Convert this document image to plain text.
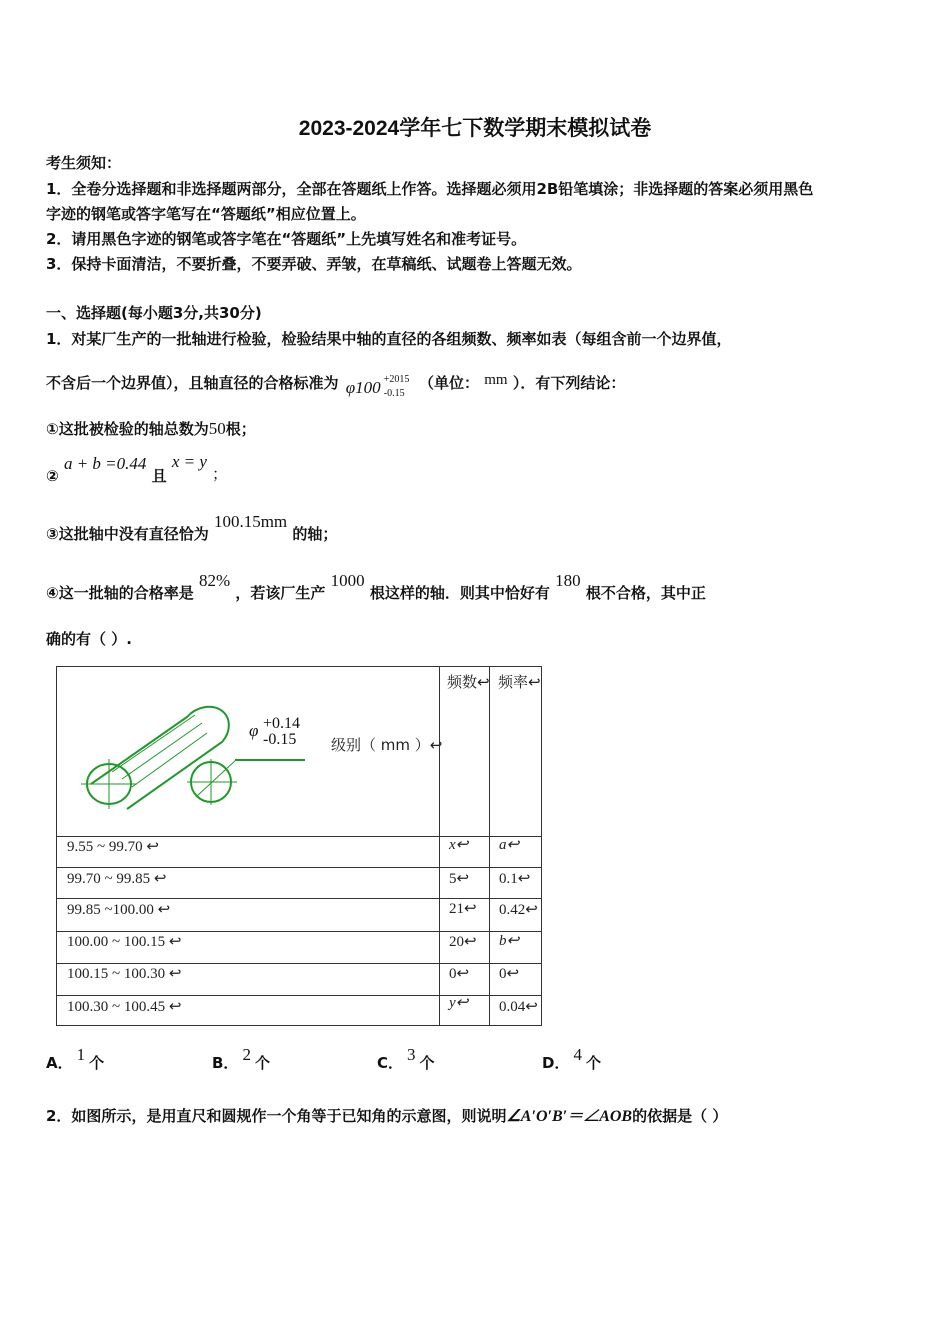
2023-2024学年七下数学期末模拟试卷
考生须知：
1．全卷分选择题和非选择题两部分，全部在答题纸上作答。选择题必须用2B铅笔填涂；非选择题的答案必须用黑色
字迹的钢笔或答字笔写在“答题纸”相应位置上。
2．请用黑色字迹的钢笔或答字笔在“答题纸”上先填写姓名和准考证号。
3．保持卡面清洁，不要折叠，不要弄破、弄皱，在草稿纸、试题卷上答题无效。
一、选择题(每小题3分,共30分)
1．对某厂生产的一批轴进行检验，检验结果中轴的直径的各组频数、频率如表（每组含前一个边界值，
不含后一个边界值），且轴直径的合格标准为 φ100 +2015
-0.15
（单位： mm ）．有下列结论：
①这批被检验的轴总数为50根；
② a + b =0.44 且 x = y ；
③这批轴中没有直径恰为 100.15mm 的轴；
④这一批轴的合格率是 82% ，若该厂生产 1000 根这样的轴．则其中恰好有 180 根不合格，其中正
确的有（ ）.
φ +0.14
-0.15 级别（ mm ）↩
频数↩ 频率↩
9.55 ~ 99.70 ↩	x↩ a↩
99.70 ~ 99.85 ↩	5↩ 0.1↩
99.85 ~100.00 ↩	21↩ 0.42↩
100.00 ~ 100.15 ↩	20↩ b↩
100.15 ~ 100.30 ↩	0↩ 0↩
100.30 ~ 100.45 ↩	y↩ 0.04↩
A． 1 个	B． 2 个	C． 3 个	D． 4 个
2．如图所示，是用直尺和圆规作一个角等于已知角的示意图，则说明∠A′O′B′＝∠AOB的依据是（ ）
